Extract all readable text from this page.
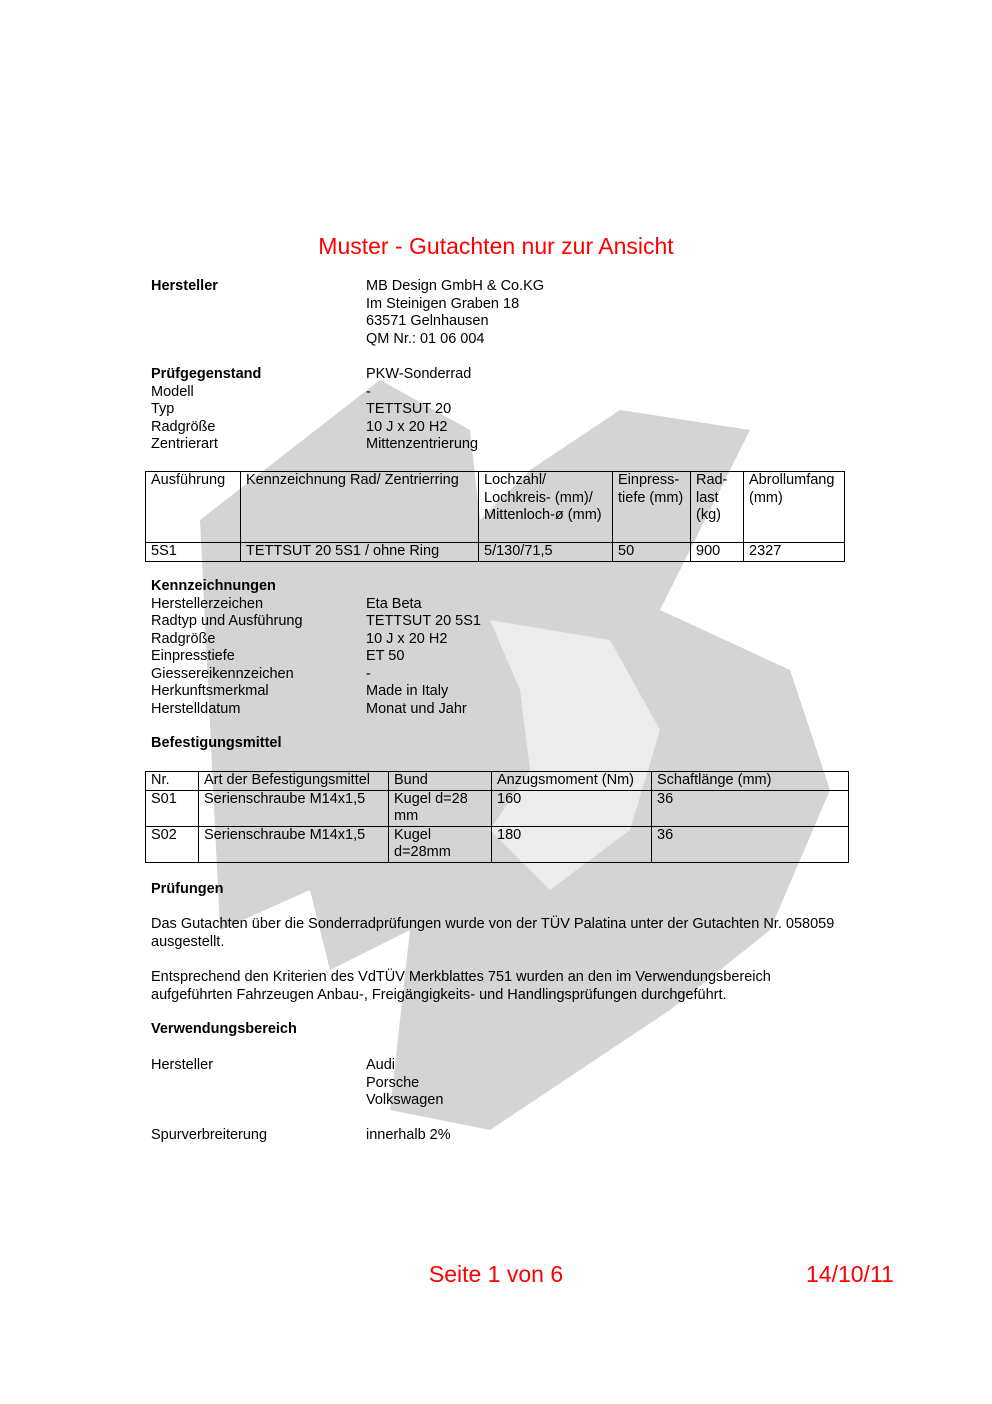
Muster - Gutachten nur zur Ansicht
Hersteller	MB Design GmbH & Co.KG
Im Steinigen Graben 18
63571 Gelnhausen
QM Nr.: 01 06 004
Prüfgegenstand	PKW-Sonderrad
Modell	-
Typ	TETTSUT 20
Radgröße	10 J x 20 H2
Zentrierart	Mittenzentrierung
Ausführung	Kennzeichnung Rad/ Zentrierring	Lochzahl/ Lochkreis- (mm)/ Mittenloch-ø (mm)	Einpress-tiefe (mm)	Rad-last (kg)	Abrollumfang (mm)
5S1	TETTSUT 20 5S1 / ohne Ring	5/130/71,5	50	900	2327
Kennzeichnungen
Herstellerzeichen	Eta Beta
Radtyp und Ausführung	TETTSUT 20 5S1
Radgröße	10 J x 20 H2
Einpresstiefe	ET 50
Giessereikennzeichen	-
Herkunftsmerkmal	Made in Italy
Herstelldatum	Monat und Jahr
Befestigungsmittel
Nr.	Art der Befestigungsmittel	Bund	Anzugsmoment (Nm)	Schaftlänge (mm)
S01	Serienschraube M14x1,5	Kugel d=28 mm	160	36
S02	Serienschraube M14x1,5	Kugel d=28mm	180	36
Prüfungen
Das Gutachten über die Sonderradprüfungen wurde von der TÜV Palatina unter der Gutachten Nr. 058059 ausgestellt.
Entsprechend den Kriterien des VdTÜV Merkblattes 751 wurden an den im Verwendungsbereich aufgeführten Fahrzeugen Anbau-, Freigängigkeits- und Handlingsprüfungen durchgeführt.
Verwendungsbereich
Hersteller	Audi
Porsche
Volkswagen
Spurverbreiterung	innerhalb 2%
Seite 1 von 6	14/10/11
